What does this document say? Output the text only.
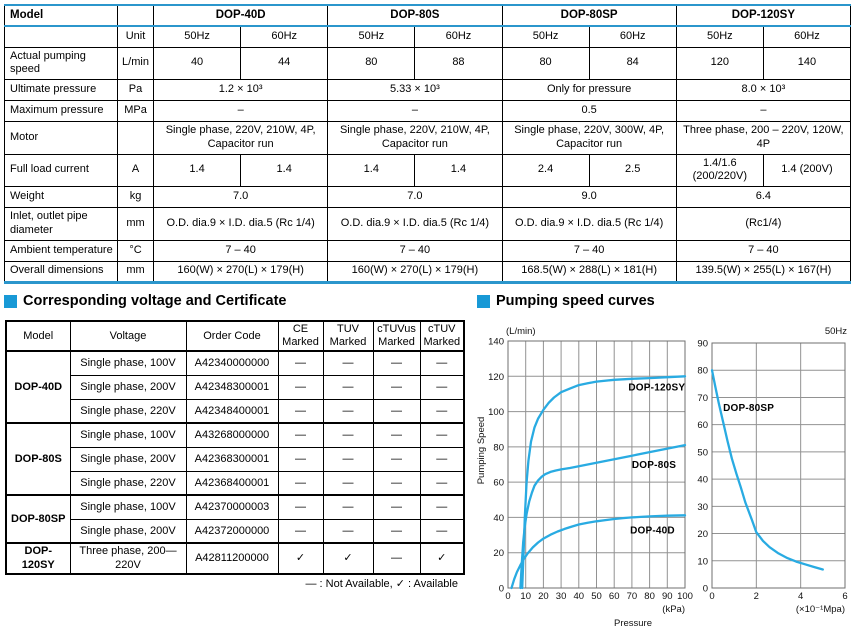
Model		DOP-40D		DOP-80S		DOP-80SP		DOP-120SY	
	Unit	50Hz	60Hz	50Hz	60Hz	50Hz	60Hz	50Hz	60Hz
Actual pumping speed	L/min	40	44	80	88	80	84	120	140
Ultimate pressure	Pa	1.2 × 10³		5.33 × 10³		Only for pressure		8.0 × 10³	
Maximum pressure	MPa	–		–		0.5		–	
Motor		Single phase, 220V, 210W, 4P, Capacitor run		Single phase, 220V, 210W, 4P, Capacitor run		Single phase, 220V, 300W, 4P, Capacitor run		Three phase, 200 – 220V, 120W, 4P	
Full load current	A	1.4	1.4	1.4	1.4	2.4	2.5	1.4/1.6 (200/220V)	1.4 (200V)
Weight	kg	7.0		7.0		9.0		6.4	
Inlet, outlet pipe diameter	mm	O.D. dia.9 × I.D. dia.5 (Rc 1/4)		O.D. dia.9 × I.D. dia.5 (Rc 1/4)		O.D. dia.9 × I.D. dia.5 (Rc 1/4)		(Rc1/4)	
Ambient temperature	°C	7 – 40		7 – 40		7 – 40		7 – 40	
Overall dimensions	mm	160(W) × 270(L) × 179(H)		160(W) × 270(L) × 179(H)		168.5(W) × 288(L) × 181(H)		139.5(W) × 255(L) × 167(H)	
Corresponding voltage and Certificate	Pumping speed curves
Model	Voltage	Order Code	CE Marked	TUV Marked	cTUVus Marked	cTUV Marked
DOP-40D	Single phase, 100V	A42340000000	—	—	—	—
	Single phase, 200V	A42348300001	—	—	—	—
	Single phase, 220V	A42348400001	—	—	—	—
DOP-80S	Single phase, 100V	A43268000000	—	—	—	—
	Single phase, 200V	A42368300001	—	—	—	—
	Single phase, 220V	A42368400001	—	—	—	—
DOP-80SP	Single phase, 100V	A42370000003	—	—	—	—
	Single phase, 200V	A42372000000	—	—	—	—
DOP-120SY	Three phase, 200—220V	A42811200000	✓	✓	—	✓
— : Not Available, ✓ : Available	0
20
40
60
80
100
120
140
0 10 20 30 40 50 60 70 80 90 100
DOP-120SY
DOP-80S
DOP-40D
(L/min)
(kPa)
Pumping Speed
Pressure
0
10
20
30
40
50
60
70
80
90
0	2	4	6
DOP-80SP
50Hz
(×10⁻¹Mpa)
